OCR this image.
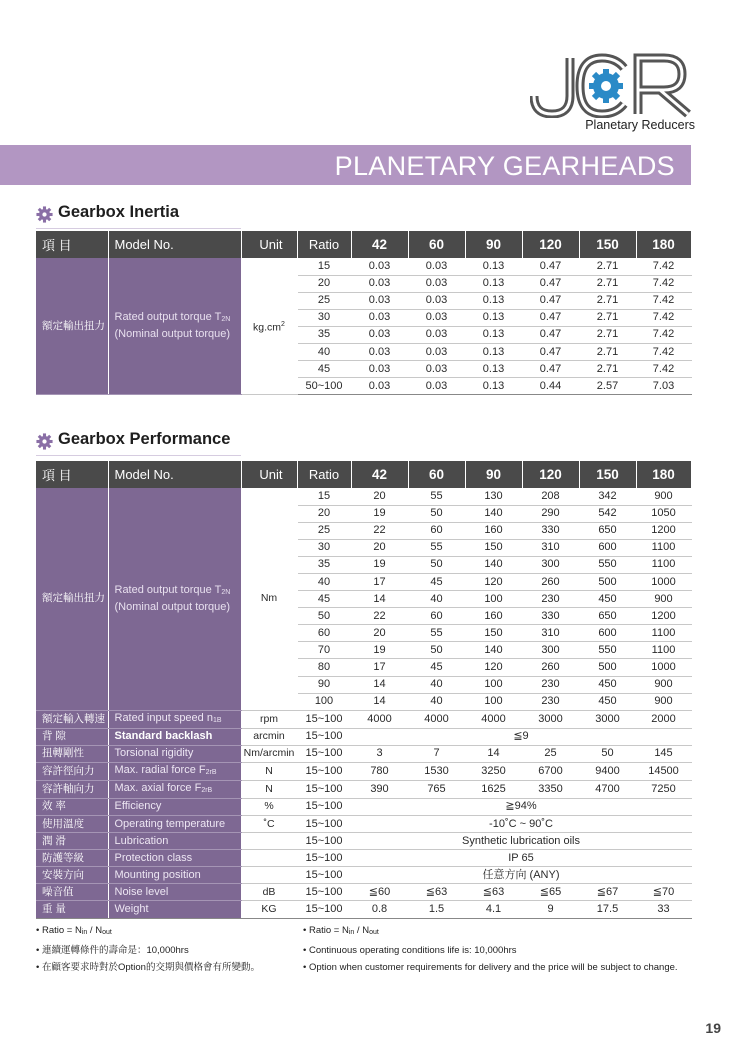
Planetary Reducers
PLANETARY GEARHEADS
Gearbox Inertia
項 目	Model No.	Unit	Ratio	42	60	90	120	150	180
額定輸出扭力	Rated output torque $T_{2N}$
(Nominal output torque)	$kg.cm^2$	15	0.03	0.03	0.13	0.47	2.71	7.42
			20	0.03	0.03	0.13	0.47	2.71	7.42
			25	0.03	0.03	0.13	0.47	2.71	7.42
			30	0.03	0.03	0.13	0.47	2.71	7.42
			35	0.03	0.03	0.13	0.47	2.71	7.42
			40	0.03	0.03	0.13	0.47	2.71	7.42
			45	0.03	0.03	0.13	0.47	2.71	7.42
			50~100	0.03	0.03	0.13	0.44	2.57	7.03
Gearbox Performance
項 目	Model No.	Unit	Ratio	42	60	90	120	150	180
額定輸出扭力	Rated output torque $T_{2N}$
(Nominal output torque)	Nm	15	20	55	130	208	342	900
			20	19	50	140	290	542	1050
			25	22	60	160	330	650	1200
			30	20	55	150	310	600	1100
			35	19	50	140	300	550	1100
			40	17	45	120	260	500	1000
			45	14	40	100	230	450	900
			50	22	60	160	330	650	1200
			60	20	55	150	310	600	1100
			70	19	50	140	300	550	1100
			80	17	45	120	260	500	1000
			90	14	40	100	230	450	900
			100	14	40	100	230	450	900
額定輸入轉速	Rated input speed $n_{1B}$	rpm	15~100	4000	4000	4000	3000	3000	2000
背 隙	Standard backlash	arcmin	15~100	≦9					
扭轉剛性	Torsional rigidity	Nm/arcmin	15~100	3	7	14	25	50	145
容許徑向力	Max. radial force $F_{2rB}$	N	15~100	780	1530	3250	6700	9400	14500
容許軸向力	Max. axial force $F_{2rB}$	N	15~100	390	765	1625	3350	4700	7250
效 率	Efficiency	%	15~100	≧94%					
使用溫度	Operating temperature	˚C	15~100	-10˚C ~ 90˚C					
潤 滑	Lubrication		15~100	Synthetic lubrication oils					
防護等級	Protection class		15~100	IP 65					
安裝方向	Mounting position		15~100	任意方向 (ANY)					
噪音值	Noise level	dB	15~100	≦60	≦63	≦63	≦65	≦67	≦70
重 量	Weight	KG	15~100	0.8	1.5	4.1	9	17.5	33
• Ratio = $N_{in} / N_{out}$
• 連續運轉條件的壽命是：10,000hrs
• 在顧客要求時對於Option的交期與價格會有所變動。
• Ratio = $N_{in} / N_{out}$
• Continuous operating conditions life is: 10,000hrs
• Option when customer requirements for delivery and the price will be subject to change.
19
